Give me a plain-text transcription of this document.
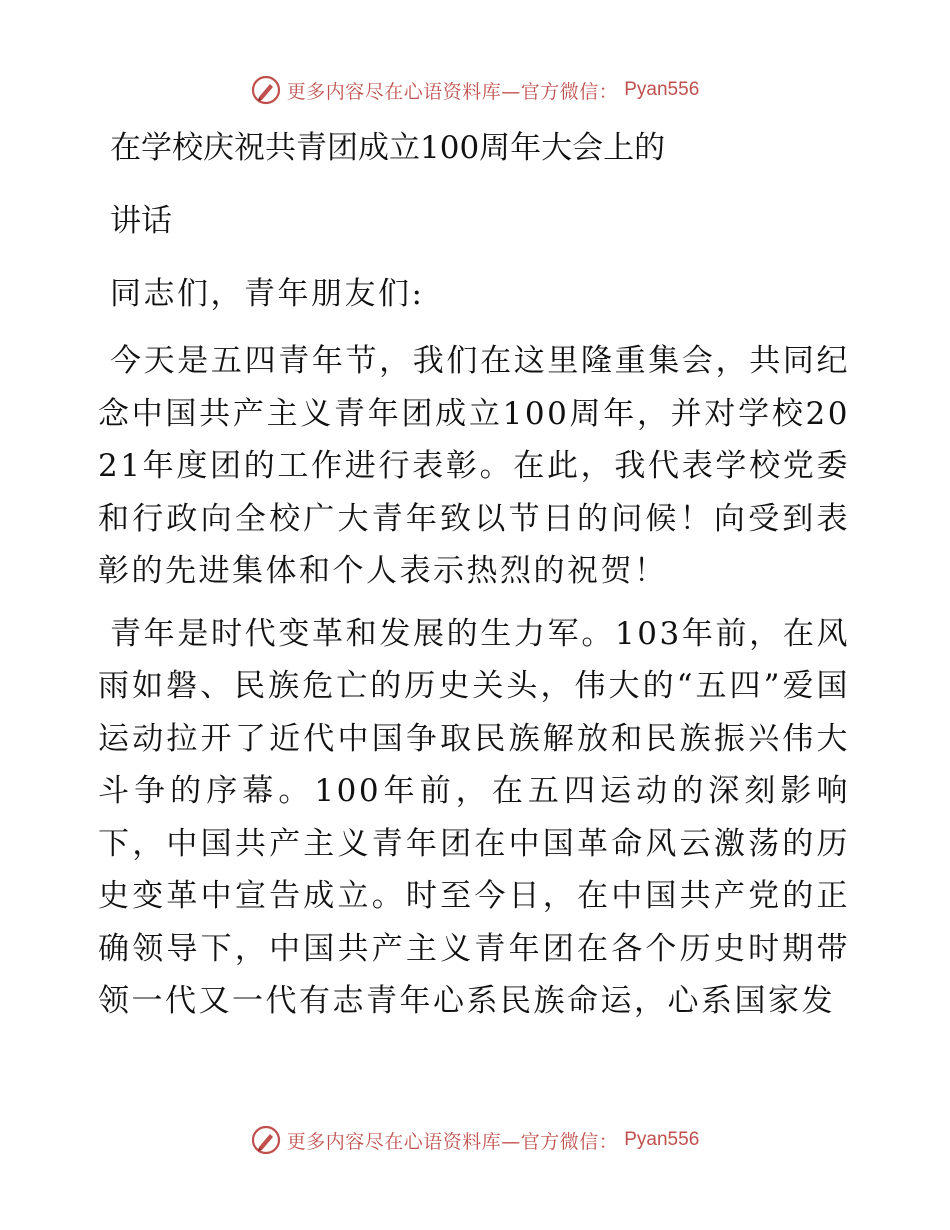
更多内容尽在心语资料库—官方微信： Pyan556
在学校庆祝共青团成立100周年大会上的
讲话

同志们，青年朋友们:

今天是五四青年节，我们在这里隆重集会，共同纪念中国共产主义青年团成立100周年，并对学校2021年度团的工作进行表彰。在此，我代表学校党委和行政向全校广大青年致以节日的问候！向受到表彰的先进集体和个人表示热烈的祝贺！

青年是时代变革和发展的生力军。103年前，在风雨如磐、民族危亡的历史关头，伟大的“五四”爱国运动拉开了近代中国争取民族解放和民族振兴伟大斗争的序幕。100年前，在五四运动的深刻影响下，中国共产主义青年团在中国革命风云激荡的历史变革中宣告成立。时至今日，在中国共产党的正确领导下，中国共产主义青年团在各个历史时期带领一代又一代有志青年心系民族命运，心系国家发

更多内容尽在心语资料库—官方微信： Pyan556
